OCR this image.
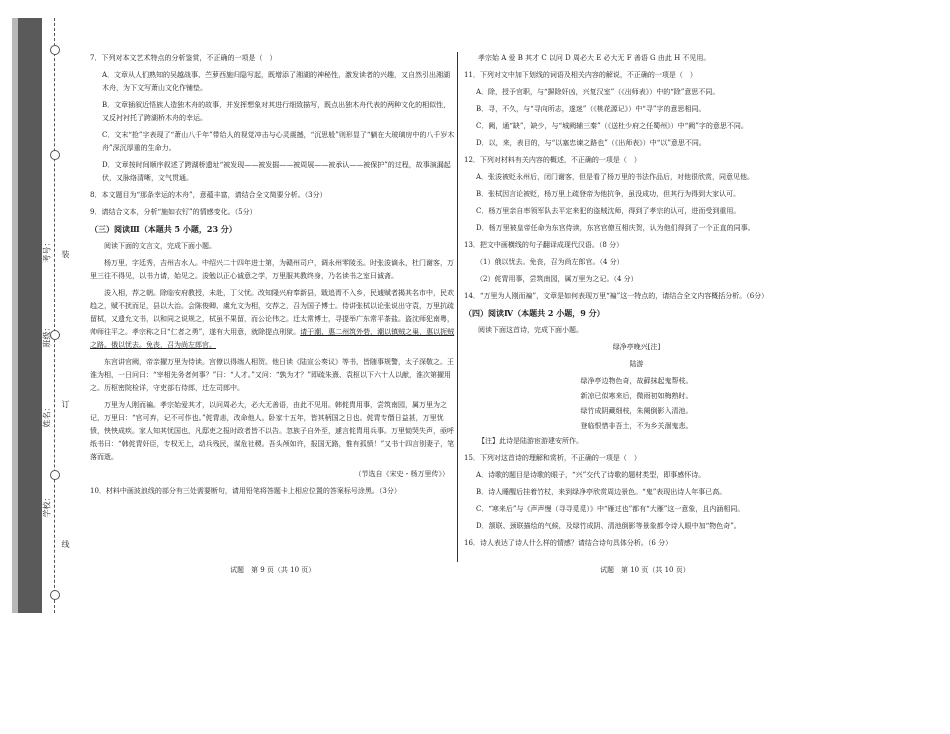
装
订
线
学校：
姓名：
班级：
考号：

7．下列对本文艺术特点的分析鉴赏，不正确的一项是（　）

A．文章从人们熟知的吴越战事、苎萝西施归隐写起，既增添了湘湖的神秘性，激发读者的兴趣，又自然引出湘湖木舟，为下文写萧山文化作铺垫。

B．文章插叙近悟族人造独木舟的故事，并发挥想象对其进行细致描写，既点出独木舟代表的两种文化的相似性，又反衬衬托了跨湖桥木舟的幸运。

C．文末“抢”字表现了“萧山八千年”带给人的视觉冲击与心灵震撼，“沉思般”则形显了“躺在大玻璃房中的八千岁木舟”深沉厚重的生命力。

D．文章按时间顺序叙述了跨湖桥遗址“被发现——被发掘——被周展——被承认——被保护”的过程，故事演漏起伏，又脉络清晰，文气贯通。

8．本文题目为“那条幸运的木舟”，意蕴丰富，请结合全文简要分析。（3分）

9．请结合文本，分析“施如衣钌”的情感变化。（5分）

（三）阅读Ⅲ（本题共 5 小题，23 分）

阅读下面的文言文，完成下面小题。

杨万里，字廷秀，吉州吉水人。中绍兴二十四年进士第，为赣州司户，调永州零陵丞。时张浚谪永，杜门谢客，万里三往不得见，以书力请，始见之。浚勉以正心诚意之学，万里服其教终身，乃名读书之室曰诚斋。

浚入相，荐之朝。除临安府教授，未赴，丁父忧。改知隆兴府奉新县，戢追胥不入乡，民逋赋者揭其名市中，民欢趋之，赋不扰而足，县以大治。会陈俊卿、虞允文为相，交荐之，召为国子博士。侍讲张栻以论张说出守袁，万里抗疏留栻，又遗允文书，以和同之说规之，栻虽不果留，而公论伟之。迁太常博士，寻提举广东常平茶盐。盗沈师犯南粤，帅师往平之。孝宗称之曰“仁者之勇”，遂有大用意，就除提点刑狱。请于潮、惠二州筑外砦，潮以镇贼之巢，惠以扼贼之路。俄以忧去。免丧，召为尚左郎官。

东宫讲官阙，帝亲擢万里为侍读。宫僚以得端人相贺。他日读《陆宣公奏议》等书，皆随事规警，太子深敬之。王淮为相，一日问曰：“宰相先务者何事？”曰：“人才。”又问：“孰为才？”即疏朱熹、袁枢以下六十人以献，淮次第擢用之。历枢密院检详，守吏部右侍郎，迁左司郎中。

万里为人刚而褊。孝宗始爱其才，以问周必大，必大无善语，由此不见用。韩侂胄用事，尝筑南园，属万里为之记，万里曰：“官可弃，记不可作也。”侂胄恚，改命他人。卧家十五年，皆其柄国之日也。侂胄专僭日益甚，万里忧愤，怏怏成疾。家人知其忧国也，凡邸吏之报时政者皆不以告。忽族子自外至，遽言侂胄用兵事。万里恸哭失声，亟呼纸书曰：“韩侂胄奸臣，专权无上，动兵残民，谋危社稷。吾头颅如许，报国无路，惟有孤愤！”又书十四言别妻子，笔落而逝。

（节选自《宋史・杨万里传》）

10．材料中画波浪线的部分有三处需要断句，请用铅笔将答题卡上相应位置的答案标号涂黑。（3分）

试题　第 9 页（共 10 页）

孝宗始 A 爱 B 其才 C 以问 D 周必大 E 必大无 F 善语 G 由此 H 不见用。

11．下列对文中加下划线的词语及相关内容的解说，不正确的一项是（　）

A．除，授予官职，与“摒除奸凶，兴复汉室”（《出师表》）中的“除”意思不同。

B．寻，不久，与“寻向所志，遂迷”（《桃花源记》）中“寻”字的意思相同。

C．阙，通“缺”，缺少，与“城阙辅三秦”（《送杜少府之任蜀州》）中“阙”字的意思不同。

D．以，来，表目的，与“以塞忠谏之路也”（《出师表》）中“以”意思不同。

12．下列对材料有关内容的概述，不正确的一项是（　）

A．张浚被贬永州后，闭门谢客，但是看了杨万里的书法作品后，对他很欣赏，同意见他。

B．张栻因言论被贬，杨万里上疏登帝为他抗争，虽没成功，但其行为得到大家认可。

C．杨万里亲自率领军队去平定来犯的盗贼沈师，得到了孝宗的认可，进而受到重用。

D．杨万里被皇帝任命为东宫侍读，东宫官僚互相庆贺，认为他们得到了一个正直的同事。

13．把文中画横线的句子翻译成现代汉语。（8 分）

（1）俄以忧去。免丧，召为尚左郎官。（4 分）

（2）侂胄用事，尝筑南园，属万里为之记。（4 分）

14．“万里为人刚而褊”，文章是如何表现万里“褊”这一特点的，请结合全文内容概括分析。（6分）

（四）阅读Ⅳ（本题共 2 小题，9 分）

阅读下面这首诗，完成下面小题。

绿净亭晚兴[注]

陆游

绿净亭边物色奇，故藓抹起鬼帮枝。

新凉已似寒来后，微雨初如梅熟时。

绿竹成阴藏细枝，朱阑倒影入清池。

登临恨惜非吾土，不为乡关涸鬼悲。

【注】此诗是陆游宦游建安所作。

15．下列对这首诗的理解和赏析，不正确的一项是（　）

A．诗歌的题目是诗歌的眼子，“兴”交代了诗歌的题材类型，即事感怀诗。

B．诗人睡醒后挂着竹杖，来到绿净亭欣赏周边景色。“鬼”表现出诗人年事已高。

C．“寒来后”与《声声慢（寻寻觅觅）》中“雁过也”都有“大雁”这一意象，且内涵相同。

D．颔联、颈联描绘的气候，及绿竹成阴、清池倒影等景象都令诗人眼中加“物色奇”。

16．诗人表达了诗人什么样的情感？请结合诗句具体分析。（6 分）

试题　第 10 页（共 10 页）
